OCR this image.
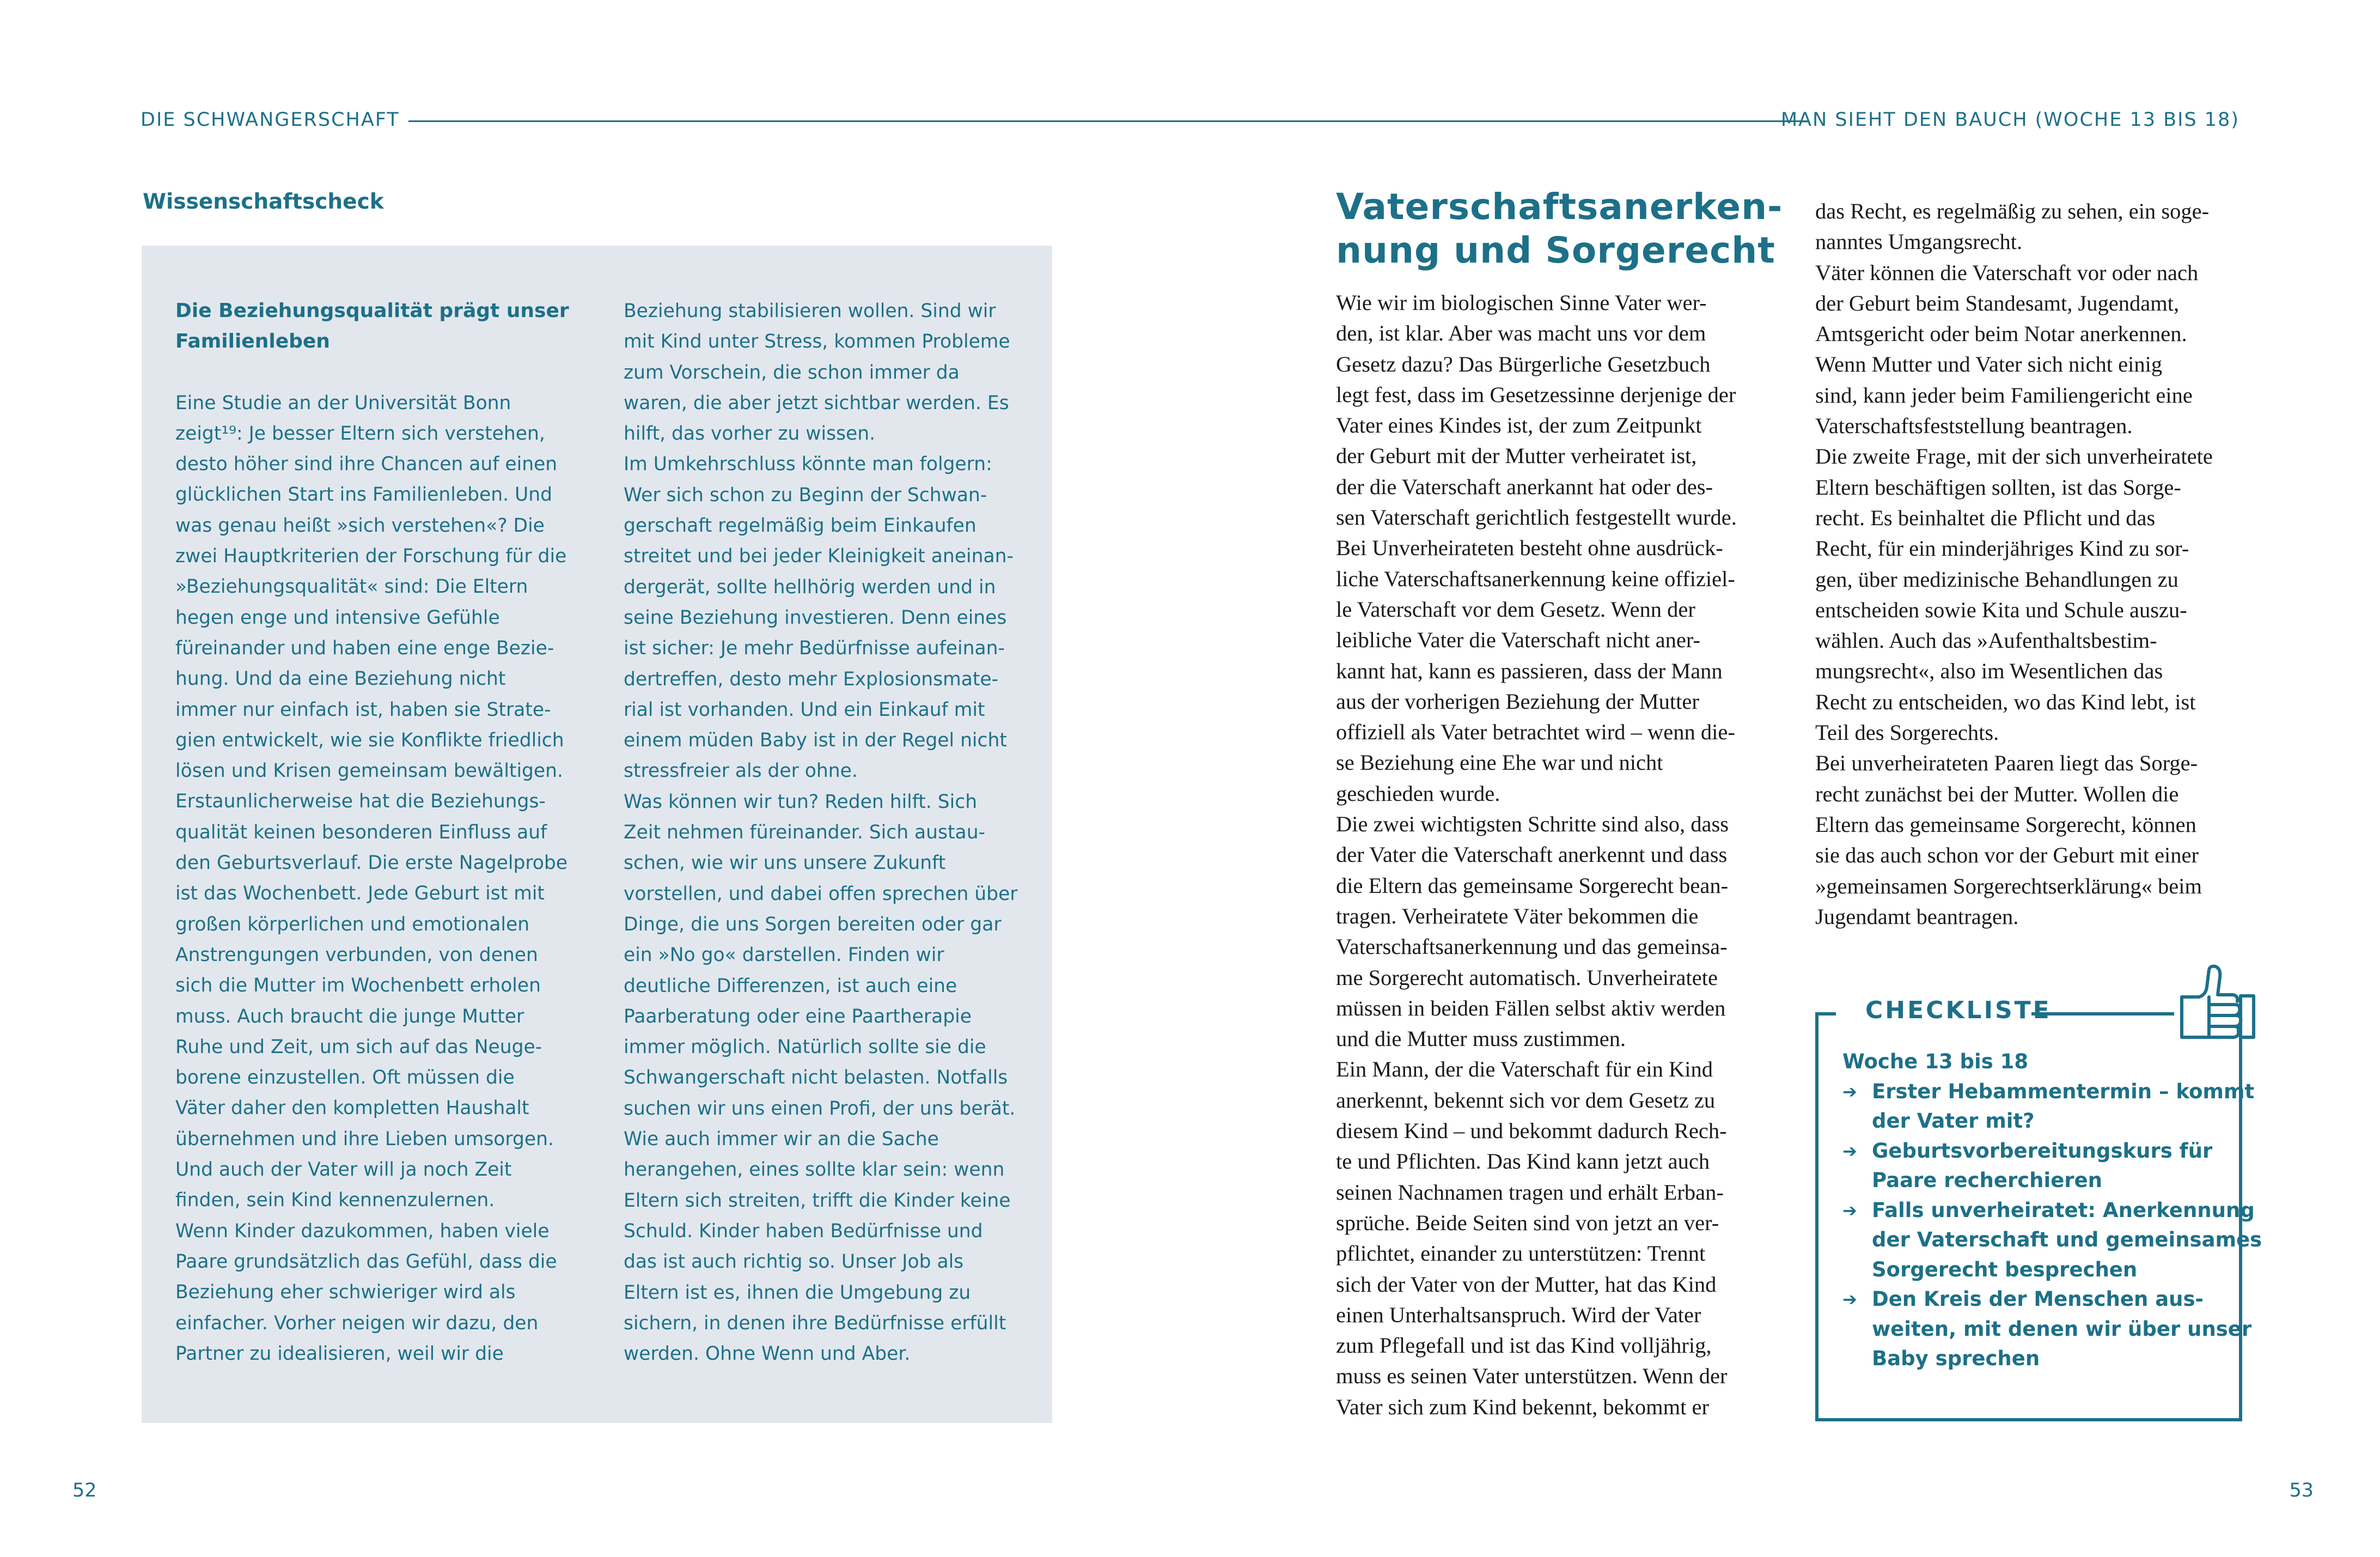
DIE SCHWANGERSCHAFT	MAN SIEHT DEN BAUCH (WOCHE 13 BIS 18)
Wissenschaftscheck
Die Beziehungsqualität prägt unser
Familienleben
Eine Studie an der Universität Bonn
zeigt¹⁹: Je besser Eltern sich verstehen,
desto höher sind ihre Chancen auf einen
glücklichen Start ins Familienleben. Und
was genau heißt »sich verstehen«? Die
zwei Hauptkriterien der Forschung für die
»Beziehungsqualität« sind: Die Eltern
hegen enge und intensive Gefühle
füreinander und haben eine enge Bezie-
hung. Und da eine Beziehung nicht
immer nur einfach ist, haben sie Strate-
gien entwickelt, wie sie Konflikte friedlich
lösen und Krisen gemeinsam bewältigen.
Erstaunlicherweise hat die Beziehungs-
qualität keinen besonderen Einfluss auf
den Geburtsverlauf. Die erste Nagelprobe
ist das Wochenbett. Jede Geburt ist mit
großen körperlichen und emotionalen
Anstrengungen verbunden, von denen
sich die Mutter im Wochenbett erholen
muss. Auch braucht die junge Mutter
Ruhe und Zeit, um sich auf das Neuge-
borene einzustellen. Oft müssen die
Väter daher den kompletten Haushalt
übernehmen und ihre Lieben umsorgen.
Und auch der Vater will ja noch Zeit
finden, sein Kind kennenzulernen.
Wenn Kinder dazukommen, haben viele
Paare grundsätzlich das Gefühl, dass die
Beziehung eher schwieriger wird als
einfacher. Vorher neigen wir dazu, den
Partner zu idealisieren, weil wir die
Beziehung stabilisieren wollen. Sind wir
mit Kind unter Stress, kommen Probleme
zum Vorschein, die schon immer da
waren, die aber jetzt sichtbar werden. Es
hilft, das vorher zu wissen.
Im Umkehrschluss könnte man folgern:
Wer sich schon zu Beginn der Schwan-
gerschaft regelmäßig beim Einkaufen
streitet und bei jeder Kleinigkeit aneinan-
dergerät, sollte hellhörig werden und in
seine Beziehung investieren. Denn eines
ist sicher: Je mehr Bedürfnisse aufeinan-
dertreffen, desto mehr Explosionsmate-
rial ist vorhanden. Und ein Einkauf mit
einem müden Baby ist in der Regel nicht
stressfreier als der ohne.
Was können wir tun? Reden hilft. Sich
Zeit nehmen füreinander. Sich austau-
schen, wie wir uns unsere Zukunft
vorstellen, und dabei offen sprechen über
Dinge, die uns Sorgen bereiten oder gar
ein »No go« darstellen. Finden wir
deutliche Differenzen, ist auch eine
Paarberatung oder eine Paartherapie
immer möglich. Natürlich sollte sie die
Schwangerschaft nicht belasten. Notfalls
suchen wir uns einen Profi, der uns berät.
Wie auch immer wir an die Sache
herangehen, eines sollte klar sein: wenn
Eltern sich streiten, trifft die Kinder keine
Schuld. Kinder haben Bedürfnisse und
das ist auch richtig so. Unser Job als
Eltern ist es, ihnen die Umgebung zu
sichern, in denen ihre Bedürfnisse erfüllt
werden. Ohne Wenn und Aber.
52
Vaterschaftsanerken-
nung und Sorgerecht
Wie wir im biologischen Sinne Vater wer-
den, ist klar. Aber was macht uns vor dem
Gesetz dazu? Das Bürgerliche Gesetzbuch
legt fest, dass im Gesetzessinne derjenige der
Vater eines Kindes ist, der zum Zeitpunkt
der Geburt mit der Mutter verheiratet ist,
der die Vaterschaft anerkannt hat oder des-
sen Vaterschaft gerichtlich festgestellt wurde.
Bei Unverheirateten besteht ohne ausdrück-
liche Vaterschaftsanerkennung keine offiziel-
le Vaterschaft vor dem Gesetz. Wenn der
leibliche Vater die Vaterschaft nicht aner-
kannt hat, kann es passieren, dass der Mann
aus der vorherigen Beziehung der Mutter
offiziell als Vater betrachtet wird – wenn die-
se Beziehung eine Ehe war und nicht
geschieden wurde.
Die zwei wichtigsten Schritte sind also, dass
der Vater die Vaterschaft anerkennt und dass
die Eltern das gemeinsame Sorgerecht bean-
tragen. Verheiratete Väter bekommen die
Vaterschaftsanerkennung und das gemeinsa-
me Sorgerecht automatisch. Unverheiratete
müssen in beiden Fällen selbst aktiv werden
und die Mutter muss zustimmen.
Ein Mann, der die Vaterschaft für ein Kind
anerkennt, bekennt sich vor dem Gesetz zu
diesem Kind – und bekommt dadurch Rech-
te und Pflichten. Das Kind kann jetzt auch
seinen Nachnamen tragen und erhält Erban-
sprüche. Beide Seiten sind von jetzt an ver-
pflichtet, einander zu unterstützen: Trennt
sich der Vater von der Mutter, hat das Kind
einen Unterhaltsanspruch. Wird der Vater
zum Pflegefall und ist das Kind volljährig,
muss es seinen Vater unterstützen. Wenn der
Vater sich zum Kind bekennt, bekommt er
das Recht, es regelmäßig zu sehen, ein soge-
nanntes Umgangsrecht.
Väter können die Vaterschaft vor oder nach
der Geburt beim Standesamt, Jugendamt,
Amtsgericht oder beim Notar anerkennen.
Wenn Mutter und Vater sich nicht einig
sind, kann jeder beim Familiengericht eine
Vaterschaftsfeststellung beantragen.
Die zweite Frage, mit der sich unverheiratete
Eltern beschäftigen sollten, ist das Sorge-
recht. Es beinhaltet die Pflicht und das
Recht, für ein minderjähriges Kind zu sor-
gen, über medizinische Behandlungen zu
entscheiden sowie Kita und Schule auszu-
wählen. Auch das »Aufenthaltsbestim-
mungsrecht«, also im Wesentlichen das
Recht zu entscheiden, wo das Kind lebt, ist
Teil des Sorgerechts.
Bei unverheirateten Paaren liegt das Sorge-
recht zunächst bei der Mutter. Wollen die
Eltern das gemeinsame Sorgerecht, können
sie das auch schon vor der Geburt mit einer
»gemeinsamen Sorgerechtserklärung« beim
Jugendamt beantragen.
CHECKLISTE
Woche 13 bis 18
➔ Erster Hebammentermin – kommt
der Vater mit?
➔ Geburtsvorbereitungskurs für
Paare recherchieren
➔ Falls unverheiratet: Anerkennung
der Vaterschaft und gemeinsames
Sorgerecht besprechen
➔ Den Kreis der Menschen aus-
weiten, mit denen wir über unser
Baby sprechen
53
